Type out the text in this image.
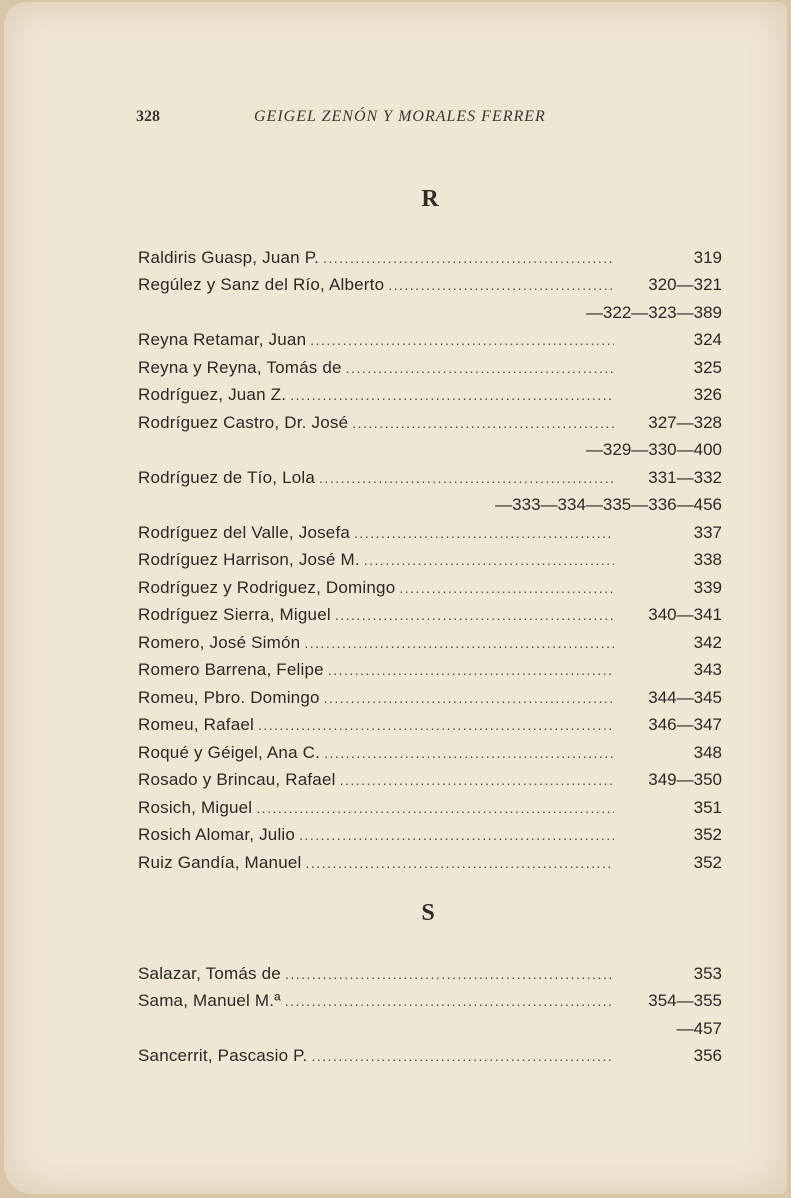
328	GEIGEL ZENÓN Y MORALES FERRER
R
Raldiris Guasp, Juan P. .....	319
Regúlez y Sanz del Río, Alberto .....	320—321
—322—323—389
Reyna Retamar, Juan .....	324
Reyna y Reyna, Tomás de .....	325
Rodríguez, Juan Z. .....	326
Rodríguez Castro, Dr. José .....	327—328
—329—330—400
Rodríguez de Tío, Lola .....	331—332
—333—334—335—336—456
Rodríguez del Valle, Josefa .....	337
Rodríguez Harrison, José M. .....	338
Rodríguez y Rodriguez, Domingo .....	339
Rodríguez Sierra, Miguel .....	340—341
Romero, José Simón .....	342
Romero Barrena, Felipe .....	343
Romeu, Pbro. Domingo .....	344—345
Romeu, Rafael .....	346—347
Roqué y Géigel, Ana C. .....	348
Rosado y Brincau, Rafael .....	349—350
Rosich, Miguel .....	351
Rosich Alomar, Julio .....	352
Ruiz Gandía, Manuel .....	352
S
Salazar, Tomás de .....	353
Sama, Manuel M.ª .....	354—355
—457
Sancerrit, Pascasio P. .....	356
